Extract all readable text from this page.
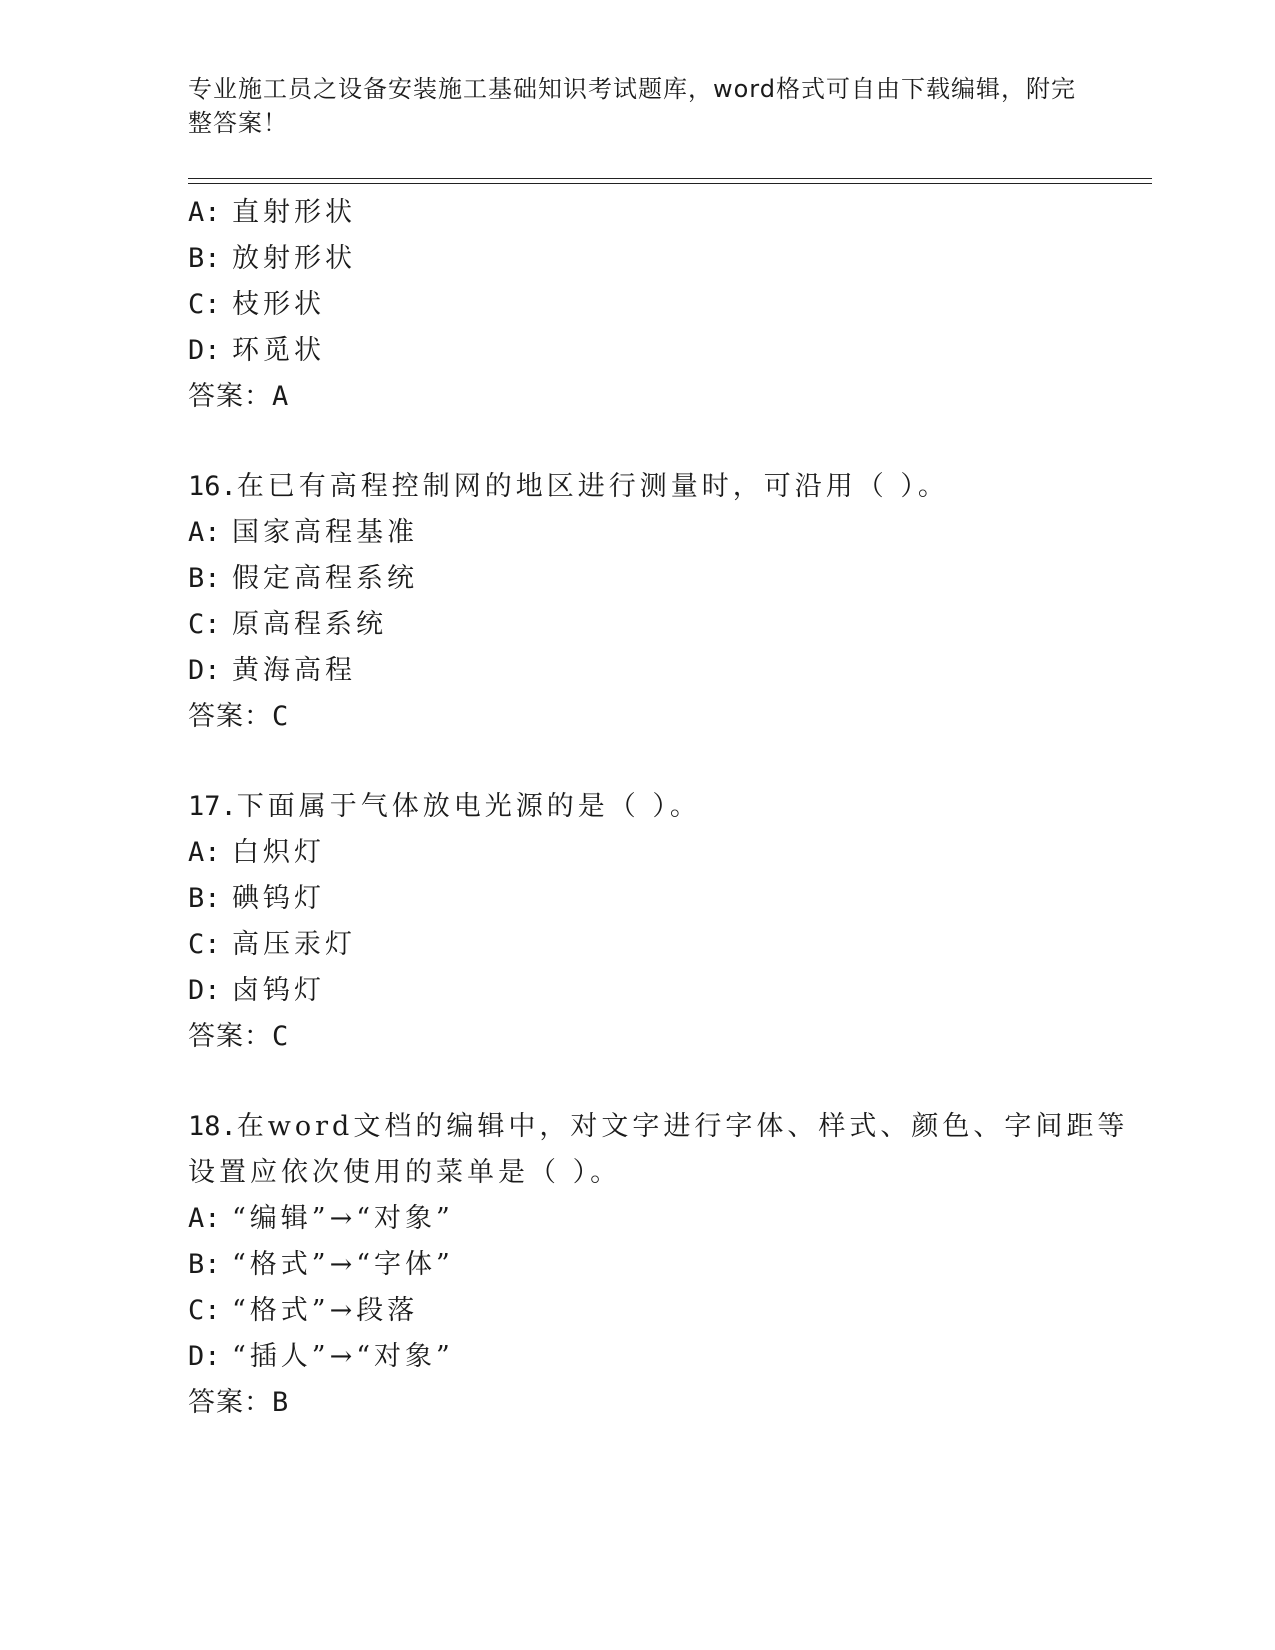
专业施工员之设备安装施工基础知识考试题库，word格式可自由下载编辑，附完
整答案！
A: 直射形状
B: 放射形状
C: 枝形状
D: 环觅状
答案：A
16.在已有高程控制网的地区进行测量时，可沿用（ ）。
A: 国家高程基准
B: 假定高程系统
C: 原高程系统
D: 黄海高程
答案：C
17.下面属于气体放电光源的是（ ）。
A: 白炽灯
B: 碘钨灯
C: 高压汞灯
D: 卤钨灯
答案：C
18.在word文档的编辑中，对文字进行字体、样式、颜色、字间距等
设置应依次使用的菜单是（ ）。
A: “编辑”→“对象”
B: “格式”→“字体”
C: “格式”→段落
D: “插人”→“对象”
答案：B
